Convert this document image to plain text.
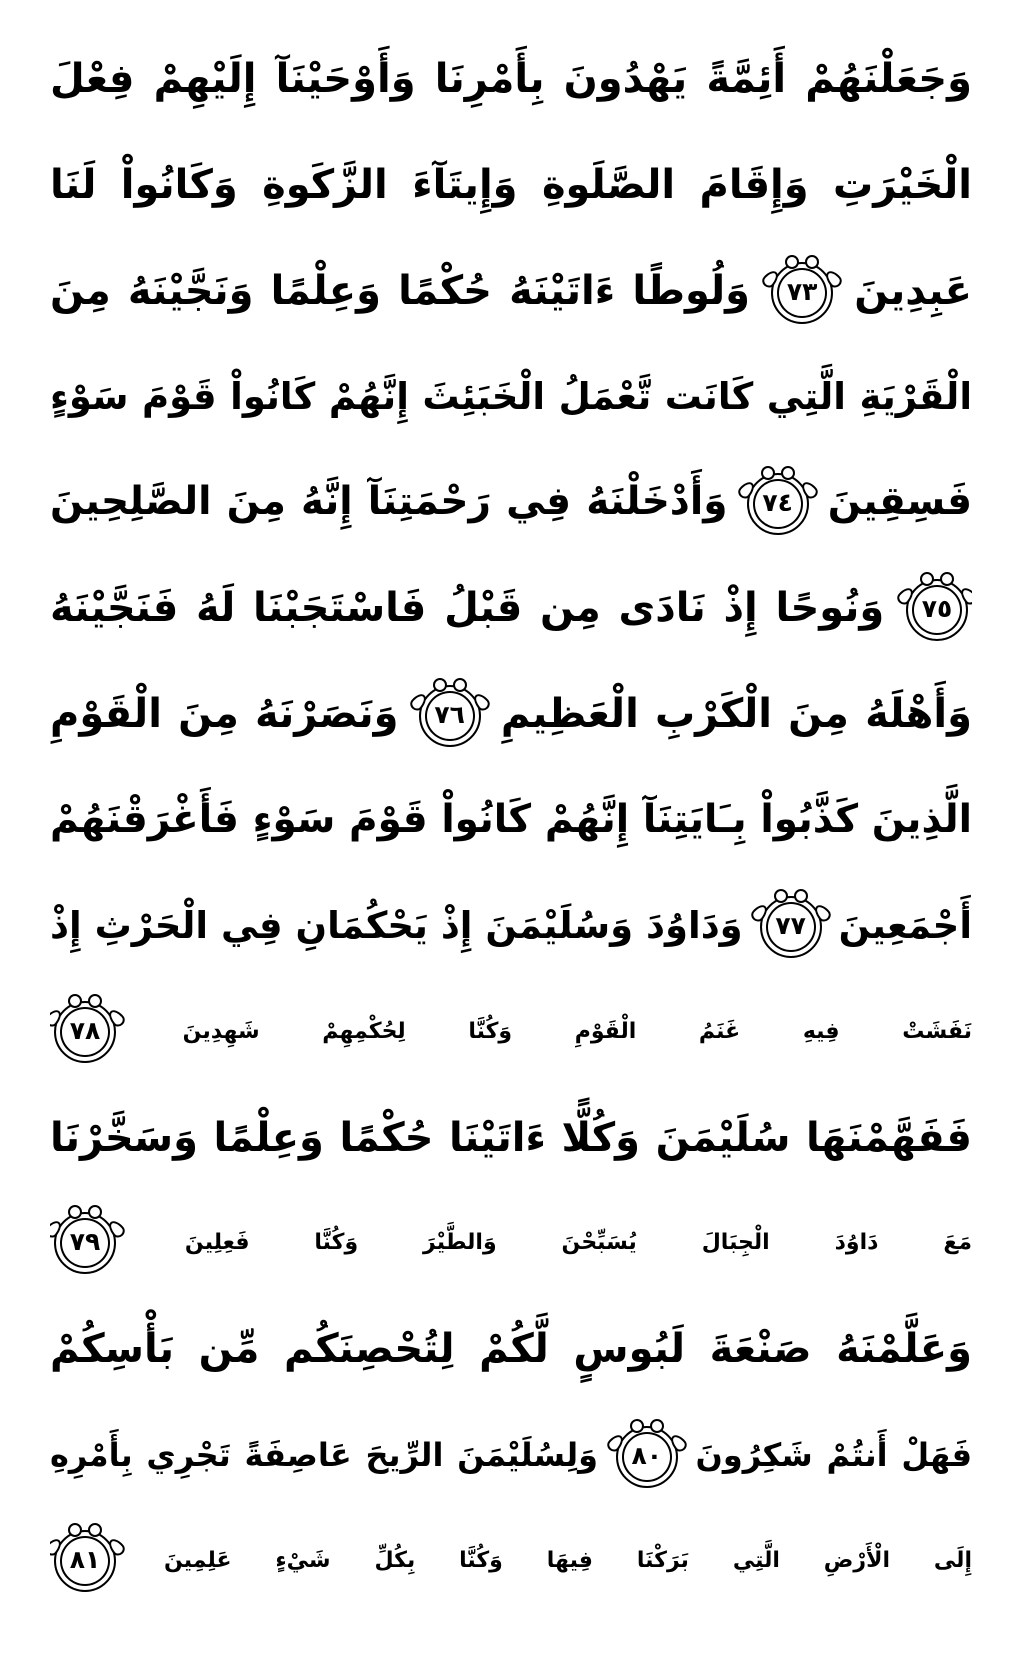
وَجَعَلْنَهُمْ أَئِمَّةً يَهْدُونَ بِأَمْرِنَا وَأَوْحَيْنَآ إِلَيْهِمْ فِعْلَ
الْخَيْرَتِ وَإِقَامَ الصَّلَوةِ وَإِيتَآءَ الزَّكَوةِ وَكَانُواْ لَنَا
عَبِدِينَ
٧٣
وَلُوطًا ءَاتَيْنَهُ حُكْمًا وَعِلْمًا وَنَجَّيْنَهُ مِنَ
الْقَرْيَةِ الَّتِي كَانَت تَّعْمَلُ الْخَبَئِثَ إِنَّهُمْ كَانُواْ قَوْمَ سَوْءٍ
فَسِقِينَ
٧٤
وَأَدْخَلْنَهُ فِي رَحْمَتِنَآ إِنَّهُ مِنَ الصَّلِحِينَ
٧٥
وَنُوحًا إِذْ نَادَى مِن قَبْلُ فَاسْتَجَبْنَا لَهُ فَنَجَّيْنَهُ
وَأَهْلَهُ مِنَ الْكَرْبِ الْعَظِيمِ
٧٦
وَنَصَرْنَهُ مِنَ الْقَوْمِ
الَّذِينَ كَذَّبُواْ بِـَايَتِنَآ إِنَّهُمْ كَانُواْ قَوْمَ سَوْءٍ فَأَغْرَقْنَهُمْ
أَجْمَعِينَ
٧٧
وَدَاوُدَ وَسُلَيْمَنَ إِذْ يَحْكُمَانِ فِي الْحَرْثِ إِذْ
نَفَشَتْ فِيهِ غَنَمُ الْقَوْمِ وَكُنَّا لِحُكْمِهِمْ شَهِدِينَ
٧٨
فَفَهَّمْنَهَا سُلَيْمَنَ وَكُلًّا ءَاتَيْنَا حُكْمًا وَعِلْمًا وَسَخَّرْنَا
مَعَ دَاوُدَ الْجِبَالَ يُسَبِّحْنَ وَالطَّيْرَ وَكُنَّا فَعِلِينَ
٧٩
وَعَلَّمْنَهُ صَنْعَةَ لَبُوسٍ لَّكُمْ لِتُحْصِنَكُم مِّن بَأْسِكُمْ
فَهَلْ أَنتُمْ شَكِرُونَ
٨٠
وَلِسُلَيْمَنَ الرِّيحَ عَاصِفَةً تَجْرِي بِأَمْرِهِ
إِلَى الْأَرْضِ الَّتِي بَرَكْنَا فِيهَا وَكُنَّا بِكُلِّ شَيْءٍ عَلِمِينَ
٨١
